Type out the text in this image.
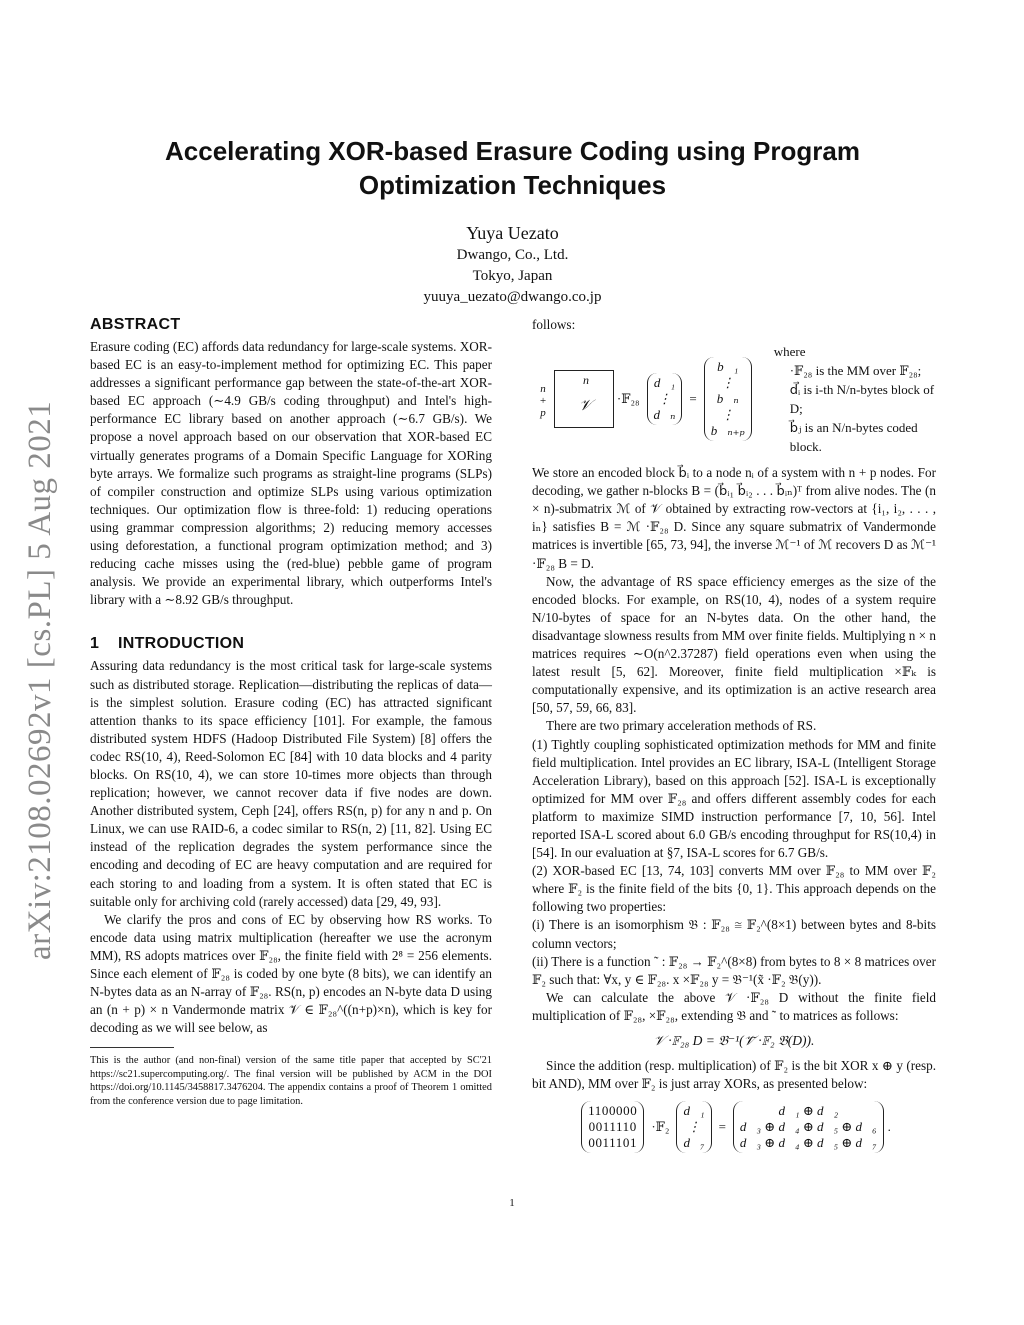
arXiv:2108.02692v1 [cs.PL] 5 Aug 2021
Accelerating XOR-based Erasure Coding using Program Optimization Techniques
Yuya Uezato
Dwango, Co., Ltd.
Tokyo, Japan
yuuya_uezato@dwango.co.jp
ABSTRACT

Erasure coding (EC) affords data redundancy for large-scale systems. XOR-based EC is an easy-to-implement method for optimizing EC. This paper addresses a significant performance gap between the state-of-the-art XOR-based EC approach (∼4.9 GB/s coding throughput) and Intel's high-performance EC library based on another approach (∼6.7 GB/s). We propose a novel approach based on our observation that XOR-based EC virtually generates programs of a Domain Specific Language for XORing byte arrays. We formalize such programs as straight-line programs (SLPs) of compiler construction and optimize SLPs using various optimization techniques. Our optimization flow is three-fold: 1) reducing operations using grammar compression algorithms; 2) reducing memory accesses using deforestation, a functional program optimization method; and 3) reducing cache misses using the (red-blue) pebble game of program analysis. We provide an experimental library, which outperforms Intel's library with a ∼8.92 GB/s throughput.

1 INTRODUCTION

Assuring data redundancy is the most critical task for large-scale systems such as distributed storage. Replication—distributing the replicas of data—is the simplest solution. Erasure coding (EC) has attracted significant attention thanks to its space efficiency [101]. For example, the famous distributed system HDFS (Hadoop Distributed File System) [8] offers the codec RS(10, 4), Reed-Solomon EC [84] with 10 data blocks and 4 parity blocks. On RS(10, 4), we can store 10-times more objects than through replication; however, we cannot recover data if five nodes are down. Another distributed system, Ceph [24], offers RS(n, p) for any n and p. On Linux, we can use RAID-6, a codec similar to RS(n, 2) [11, 82]. Using EC instead of the replication degrades the system performance since the encoding and decoding of EC are heavy computation and are required for each storing to and loading from a system. It is often stated that EC is suitable only for archiving cold (rarely accessed) data [29, 49, 93].

We clarify the pros and cons of EC by observing how RS works. To encode data using matrix multiplication (hereafter we use the acronym MM), RS adopts matrices over 𝔽₂₈, the finite field with 2⁸ = 256 elements. Since each element of 𝔽₂₈ is coded by one byte (8 bits), we can identify an N-bytes data as an N-array of 𝔽₂₈. RS(n, p) encodes an N-byte data D using an (n + p) × n Vandermonde matrix 𝒱 ∈ 𝔽₂₈^((n+p)×n), which is key for decoding as we will see below, as

This is the author (and non-final) version of the same title paper that accepted by SC'21 https://sc21.supercomputing.org/. The final version will be published by ACM in the DOI https://doi.org/10.1145/3458817.3476204. The appendix contains a proof of Theorem 1 omitted from the conference version due to page limitation.

follows:

n + p
n
𝒱 ·𝔽₂₈
d⃗₁
⋮
d⃗ₙ
=
b⃗₁
⋮
b⃗ₙ
⋮
b⃗ₙ₊ₚ
where
·𝔽₂₈ is the MM over 𝔽₂₈;
d⃗ᵢ is i-th N/n-bytes block of D;
b⃗ⱼ is an N/n-bytes coded block.

We store an encoded block b⃗ᵢ to a node nᵢ of a system with n + p nodes. For decoding, we gather n-blocks B = (b⃗ᵢ₁ b⃗ᵢ₂ . . . b⃗ᵢₙ)ᵀ from alive nodes. The (n × n)-submatrix ℳ of 𝒱 obtained by extracting row-vectors at {i₁, i₂, . . . , iₙ} satisfies B = ℳ ·𝔽₂₈ D. Since any square submatrix of Vandermonde matrices is invertible [65, 73, 94], the inverse ℳ⁻¹ of ℳ recovers D as ℳ⁻¹ ·𝔽₂₈ B = D.

Now, the advantage of RS space efficiency emerges as the size of the encoded blocks. For example, on RS(10, 4), nodes of a system require N/10-bytes of space for an N-bytes data. On the other hand, the disadvantage slowness results from MM over finite fields. Multiplying n × n matrices requires ∼O(n^2.37287) field operations even when using the latest result [5, 62]. Moreover, finite field multiplication ×𝔽ₖ is computationally expensive, and its optimization is an active research area [50, 57, 59, 66, 83].

There are two primary acceleration methods of RS.

(1) Tightly coupling sophisticated optimization methods for MM and finite field multiplication. Intel provides an EC library, ISA-L (Intelligent Storage Acceleration Library), based on this approach [52]. ISA-L is exceptionally optimized for MM over 𝔽₂₈ and offers different assembly codes for each platform to maximize SIMD instruction performance [7, 10, 56]. Intel reported ISA-L scored about 6.0 GB/s encoding throughput for RS(10,4) in [54]. In our evaluation at §7, ISA-L scores for 6.7 GB/s.

(2) XOR-based EC [13, 74, 103] converts MM over 𝔽₂₈ to MM over 𝔽₂ where 𝔽₂ is the finite field of the bits {0, 1}. This approach depends on the following two properties:

(i) There is an isomorphism 𝔅 : 𝔽₂₈ ≅ 𝔽₂^(8×1) between bytes and 8-bits column vectors;

(ii) There is a function ˜ : 𝔽₂₈ → 𝔽₂^(8×8) from bytes to 8 × 8 matrices over 𝔽₂ such that: ∀x, y ∈ 𝔽₂₈. x ×𝔽₂₈ y = 𝔅⁻¹(x̃ ·𝔽₂ 𝔅(y)).

We can calculate the above 𝒱 ·𝔽₂₈ D without the finite field multiplication of 𝔽₂₈, ×𝔽₂₈, extending 𝔅 and ˜ to matrices as follows:

𝒱 ·𝔽₂₈ D = 𝔅⁻¹(𝒱̃ ·𝔽₂ 𝔅(D)).

Since the addition (resp. multiplication) of 𝔽₂ is the bit XOR x ⊕ y (resp. bit AND), MM over 𝔽₂ is just array XORs, as presented below:

1100000
0011110
0011101
·𝔽₂
d⃗₁
⋮
d⃗₇
=
d⃗₁ ⊕ d⃗₂
d⃗₃ ⊕ d⃗₄ ⊕ d⃗₅ ⊕ d⃗₆
d⃗₃ ⊕ d⃗₄ ⊕ d⃗₅ ⊕ d⃗₇
.
1
